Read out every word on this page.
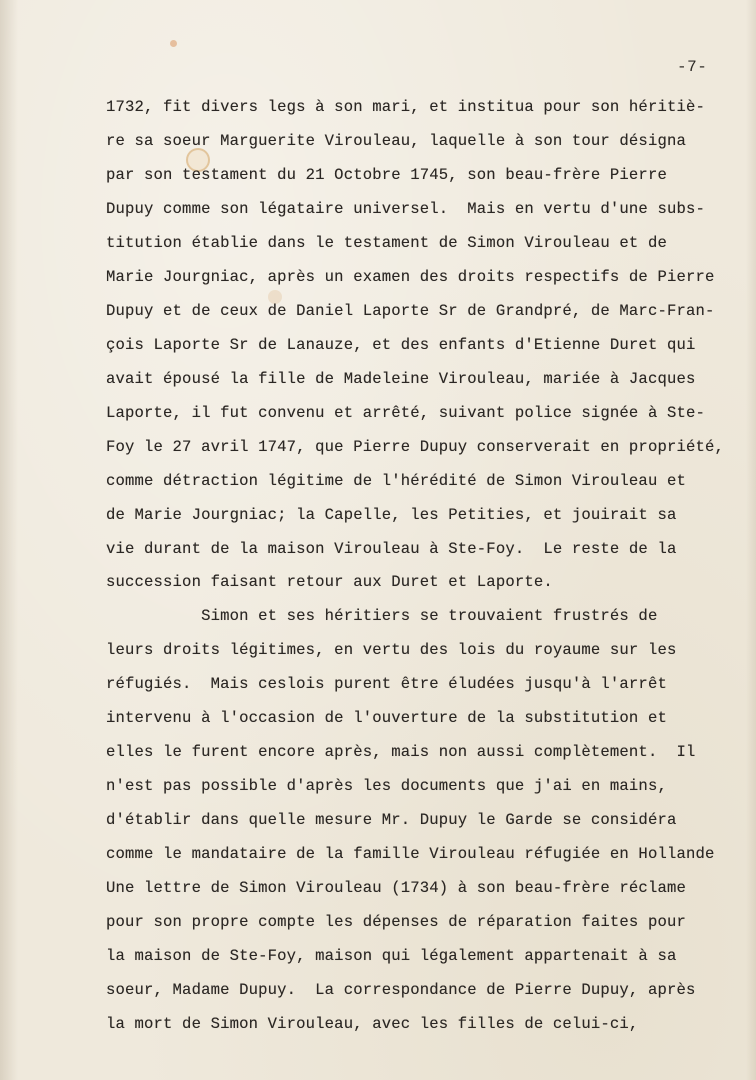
-7-
1732, fit divers legs à son mari, et institua pour son héritiè-
re sa soeur Marguerite Virouleau, laquelle à son tour désigna
par son testament du 21 Octobre 1745, son beau-frère Pierre
Dupuy comme son légataire universel.  Mais en vertu d'une subs-
titution établie dans le testament de Simon Virouleau et de
Marie Jourgniac, après un examen des droits respectifs de Pierre
Dupuy et de ceux de Daniel Laporte Sr de Grandpré, de Marc-Fran-
çois Laporte Sr de Lanauze, et des enfants d'Etienne Duret qui
avait épousé la fille de Madeleine Virouleau, mariée à Jacques
Laporte, il fut convenu et arrêté, suivant police signée à Ste-
Foy le 27 avril 1747, que Pierre Dupuy conserverait en propriété,
comme détraction légitime de l'hérédité de Simon Virouleau et
de Marie Jourgniac; la Capelle, les Petities, et jouirait sa
vie durant de la maison Virouleau à Ste-Foy.  Le reste de la
succession faisant retour aux Duret et Laporte.
Simon et ses héritiers se trouvaient frustrés de
leurs droits légitimes, en vertu des lois du royaume sur les
réfugiés.  Mais ceslois purent être éludées jusqu'à l'arrêt
intervenu à l'occasion de l'ouverture de la substitution et
elles le furent encore après, mais non aussi complètement.  Il
n'est pas possible d'après les documents que j'ai en mains,
d'établir dans quelle mesure Mr. Dupuy le Garde se considéra
comme le mandataire de la famille Virouleau réfugiée en Hollande
Une lettre de Simon Virouleau (1734) à son beau-frère réclame
pour son propre compte les dépenses de réparation faites pour
la maison de Ste-Foy, maison qui légalement appartenait à sa
soeur, Madame Dupuy.  La correspondance de Pierre Dupuy, après
la mort de Simon Virouleau, avec les filles de celui-ci,
